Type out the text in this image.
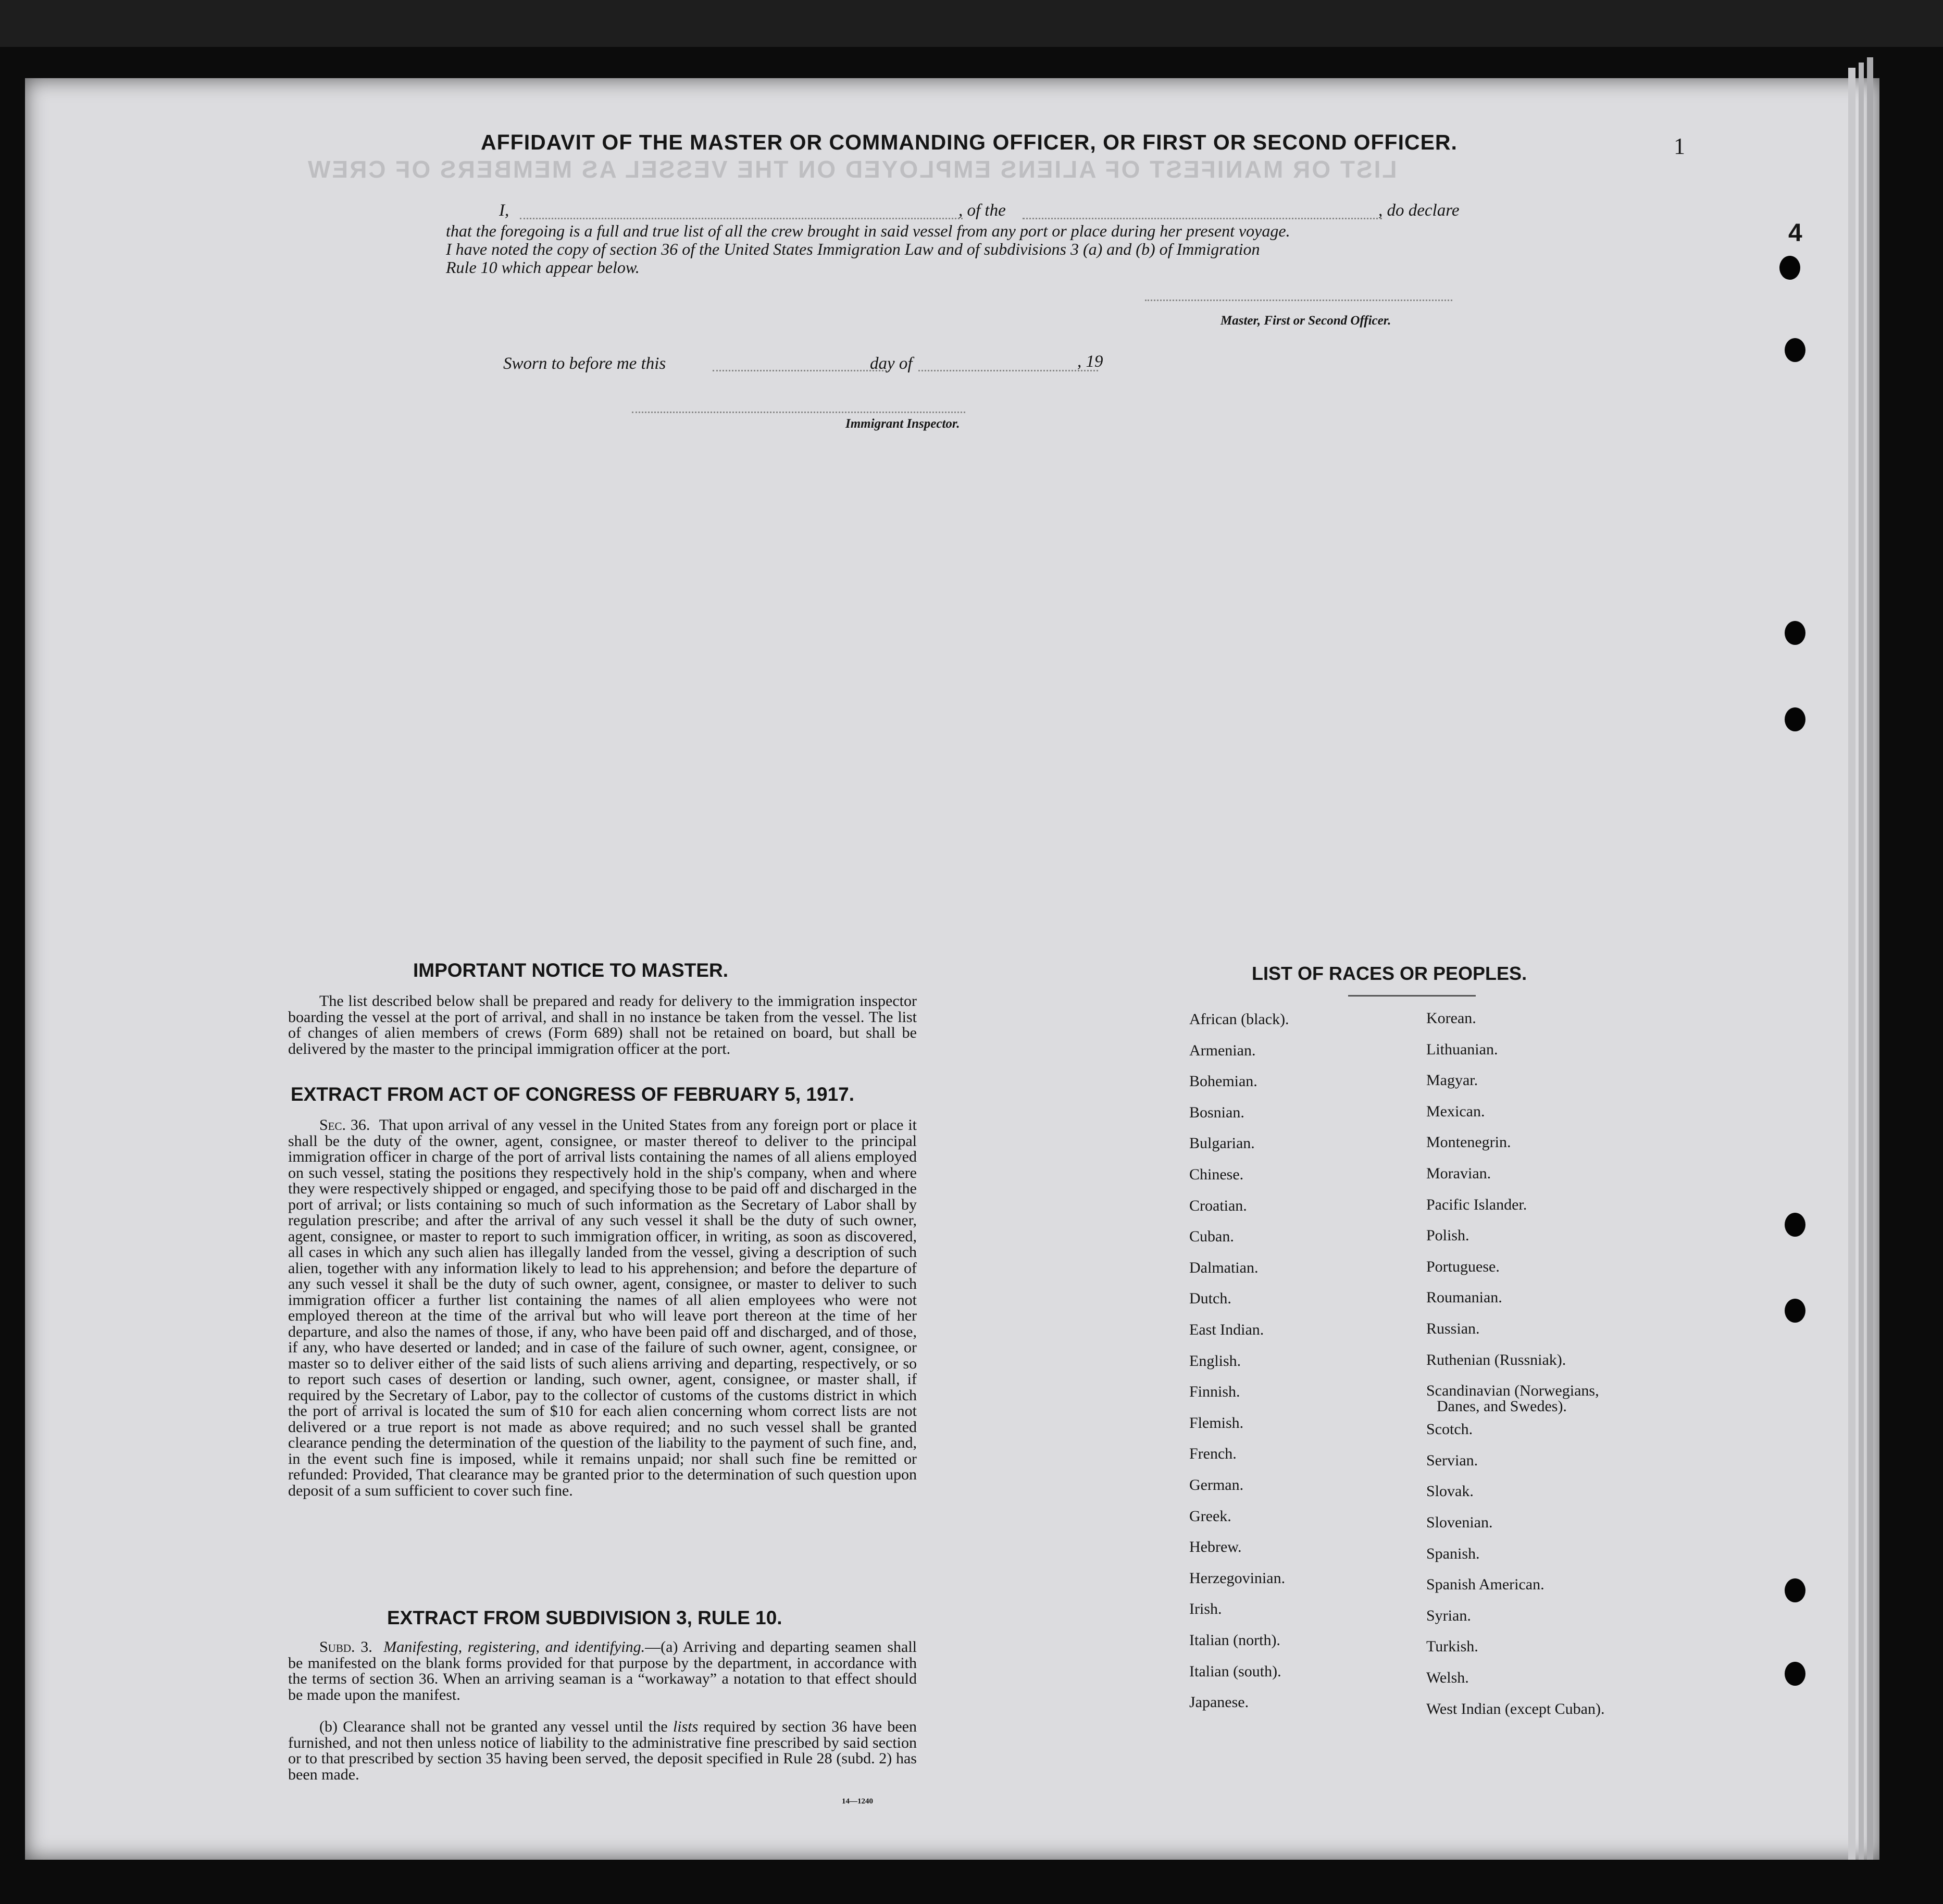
LIST OR MANIFEST OF ALIENS EMPLOYED ON THE VESSEL AS MEMBERS OF CREW
1
4
AFFIDAVIT OF THE MASTER OR COMMANDING OFFICER, OR FIRST OR SECOND OFFICER.
I,	, of the	, do declare
that the foregoing is a full and true list of all the crew brought in said vessel from any port or place during her present voyage.
I have noted the copy of section 36 of the United States Immigration Law and of subdivisions 3 (a) and (b) of Immigration
Rule 10 which appear below.
Master, First or Second Officer.
Sworn to before me this	day of	, 19
Immigrant Inspector.
IMPORTANT NOTICE TO MASTER.

The list described below shall be prepared and ready for delivery to the immigration inspector boarding the vessel at the port of arrival, and shall in no instance be taken from the vessel. The list of changes of alien members of crews (Form 689) shall not be retained on board, but shall be delivered by the master to the principal immigration officer at the port.

EXTRACT FROM ACT OF CONGRESS OF FEBRUARY 5, 1917.

Sec. 36. That upon arrival of any vessel in the United States from any foreign port or place it shall be the duty of the owner, agent, consignee, or master thereof to deliver to the principal immigration officer in charge of the port of arrival lists containing the names of all aliens employed on such vessel, stating the positions they respectively hold in the ship's company, when and where they were respectively shipped or engaged, and specifying those to be paid off and discharged in the port of arrival; or lists containing so much of such information as the Secretary of Labor shall by regulation prescribe; and after the arrival of any such vessel it shall be the duty of such owner, agent, consignee, or master to report to such immigration officer, in writing, as soon as discovered, all cases in which any such alien has illegally landed from the vessel, giving a description of such alien, together with any information likely to lead to his apprehension; and before the departure of any such vessel it shall be the duty of such owner, agent, consignee, or master to deliver to such immigration officer a further list containing the names of all alien employees who were not employed thereon at the time of the arrival but who will leave port thereon at the time of her departure, and also the names of those, if any, who have been paid off and discharged, and of those, if any, who have deserted or landed; and in case of the failure of such owner, agent, consignee, or master so to deliver either of the said lists of such aliens arriving and departing, respectively, or so to report such cases of desertion or landing, such owner, agent, consignee, or master shall, if required by the Secretary of Labor, pay to the collector of customs of the customs district in which the port of arrival is located the sum of $10 for each alien concerning whom correct lists are not delivered or a true report is not made as above required; and no such vessel shall be granted clearance pending the determination of the question of the liability to the payment of such fine, and, in the event such fine is imposed, while it remains unpaid; nor shall such fine be remitted or refunded: Provided, That clearance may be granted prior to the determination of such question upon deposit of a sum sufficient to cover such fine.

EXTRACT FROM SUBDIVISION 3, RULE 10.

Subd. 3. Manifesting, registering, and identifying.—(a) Arriving and departing seamen shall be manifested on the blank forms provided for that purpose by the department, in accordance with the terms of section 36. When an arriving seaman is a “workaway” a notation to that effect should be made upon the manifest.

(b) Clearance shall not be granted any vessel until the lists required by section 36 have been furnished, and not then unless notice of liability to the administrative fine prescribed by said section or to that prescribed by section 35 having been served, the deposit specified in Rule 28 (subd. 2) has been made.

14—1240
LIST OF RACES OR PEOPLES.
African (black).
Armenian.
Bohemian.
Bosnian.
Bulgarian.
Chinese.
Croatian.
Cuban.
Dalmatian.
Dutch.
East Indian.
English.
Finnish.
Flemish.
French.
German.
Greek.
Hebrew.
Herzegovinian.
Irish.
Italian (north).
Italian (south).
Japanese.
Korean.
Lithuanian.
Magyar.
Mexican.
Montenegrin.
Moravian.
Pacific Islander.
Polish.
Portuguese.
Roumanian.
Russian.
Ruthenian (Russniak).
Scandinavian (Norwegians,
Danes, and Swedes).
Scotch.
Servian.
Slovak.
Slovenian.
Spanish.
Spanish American.
Syrian.
Turkish.
Welsh.
West Indian (except Cuban).
